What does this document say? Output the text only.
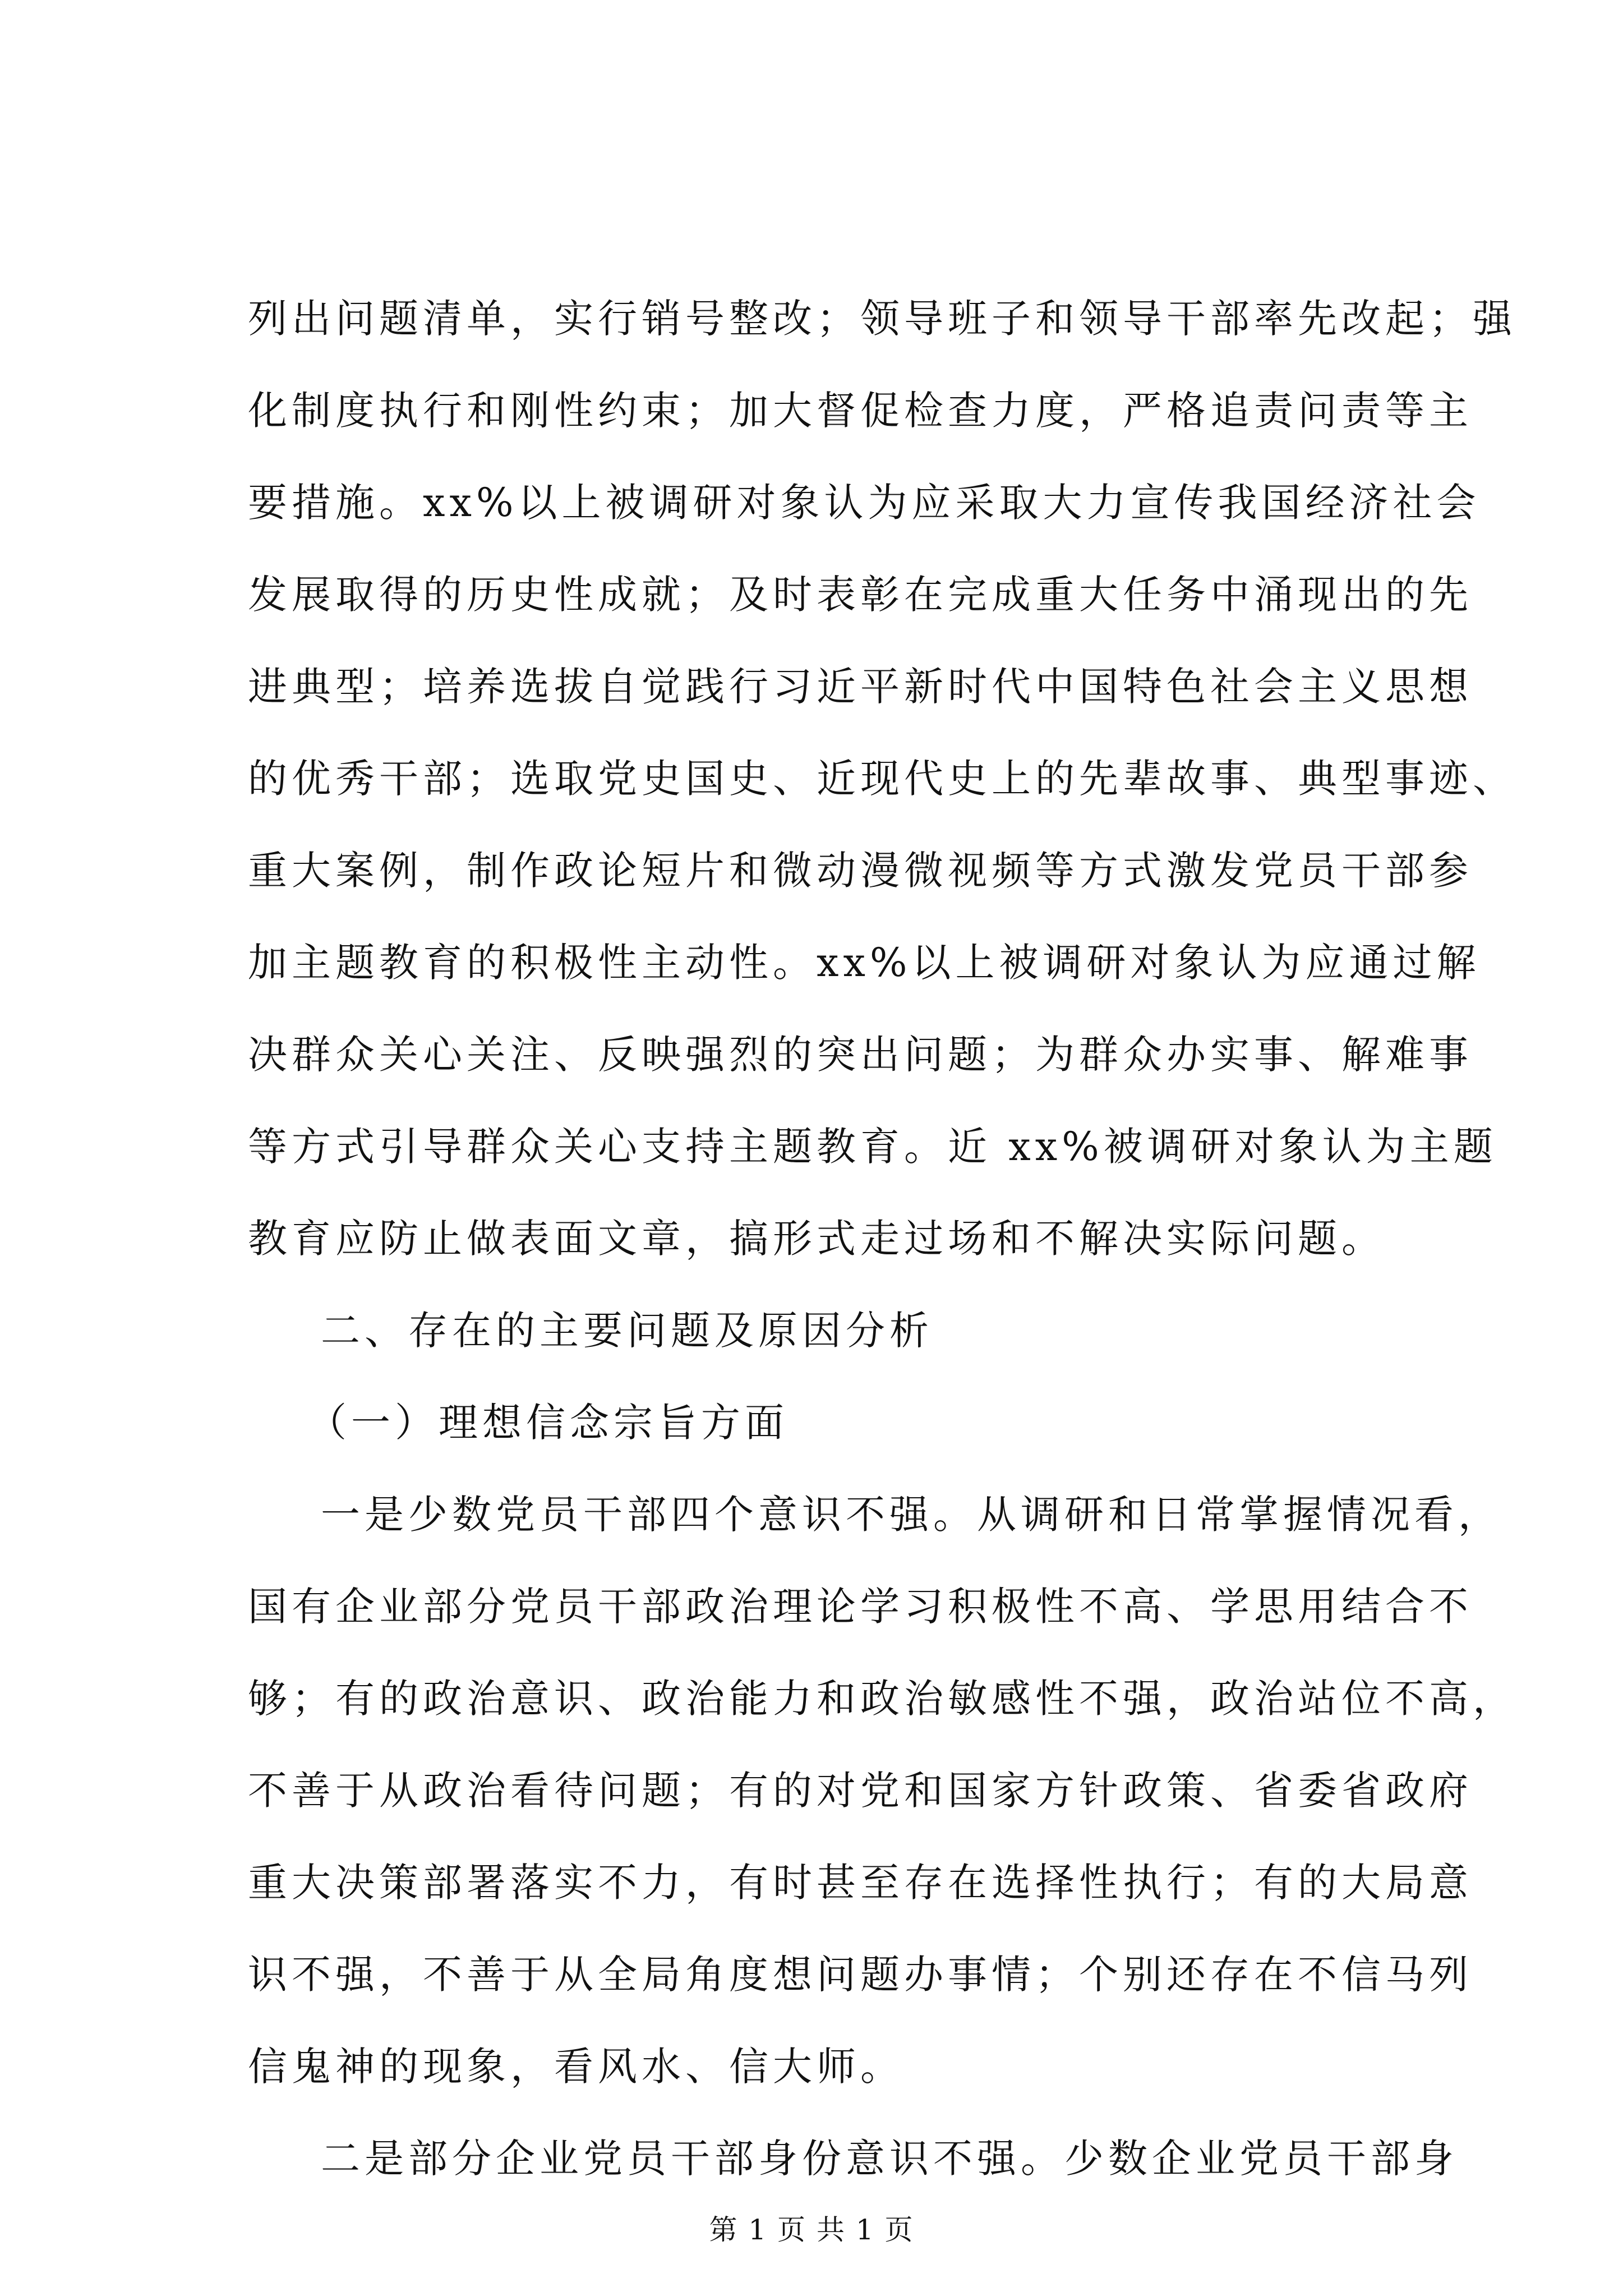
列出问题清单，实行销号整改；领导班子和领导干部率先改起；强
化制度执行和刚性约束；加大督促检查力度，严格追责问责等主
要措施。xx%以上被调研对象认为应采取大力宣传我国经济社会
发展取得的历史性成就；及时表彰在完成重大任务中涌现出的先
进典型；培养选拔自觉践行习近平新时代中国特色社会主义思想
的优秀干部；选取党史国史、近现代史上的先辈故事、典型事迹、
重大案例，制作政论短片和微动漫微视频等方式激发党员干部参
加主题教育的积极性主动性。xx%以上被调研对象认为应通过解
决群众关心关注、反映强烈的突出问题；为群众办实事、解难事
等方式引导群众关心支持主题教育。近 xx%被调研对象认为主题
教育应防止做表面文章，搞形式走过场和不解决实际问题。
二、存在的主要问题及原因分析
（一）理想信念宗旨方面
一是少数党员干部四个意识不强。从调研和日常掌握情况看，
国有企业部分党员干部政治理论学习积极性不高、学思用结合不
够；有的政治意识、政治能力和政治敏感性不强，政治站位不高，
不善于从政治看待问题；有的对党和国家方针政策、省委省政府
重大决策部署落实不力，有时甚至存在选择性执行；有的大局意
识不强，不善于从全局角度想问题办事情；个别还存在不信马列
信鬼神的现象，看风水、信大师。
二是部分企业党员干部身份意识不强。少数企业党员干部身
第 1 页 共 1 页
